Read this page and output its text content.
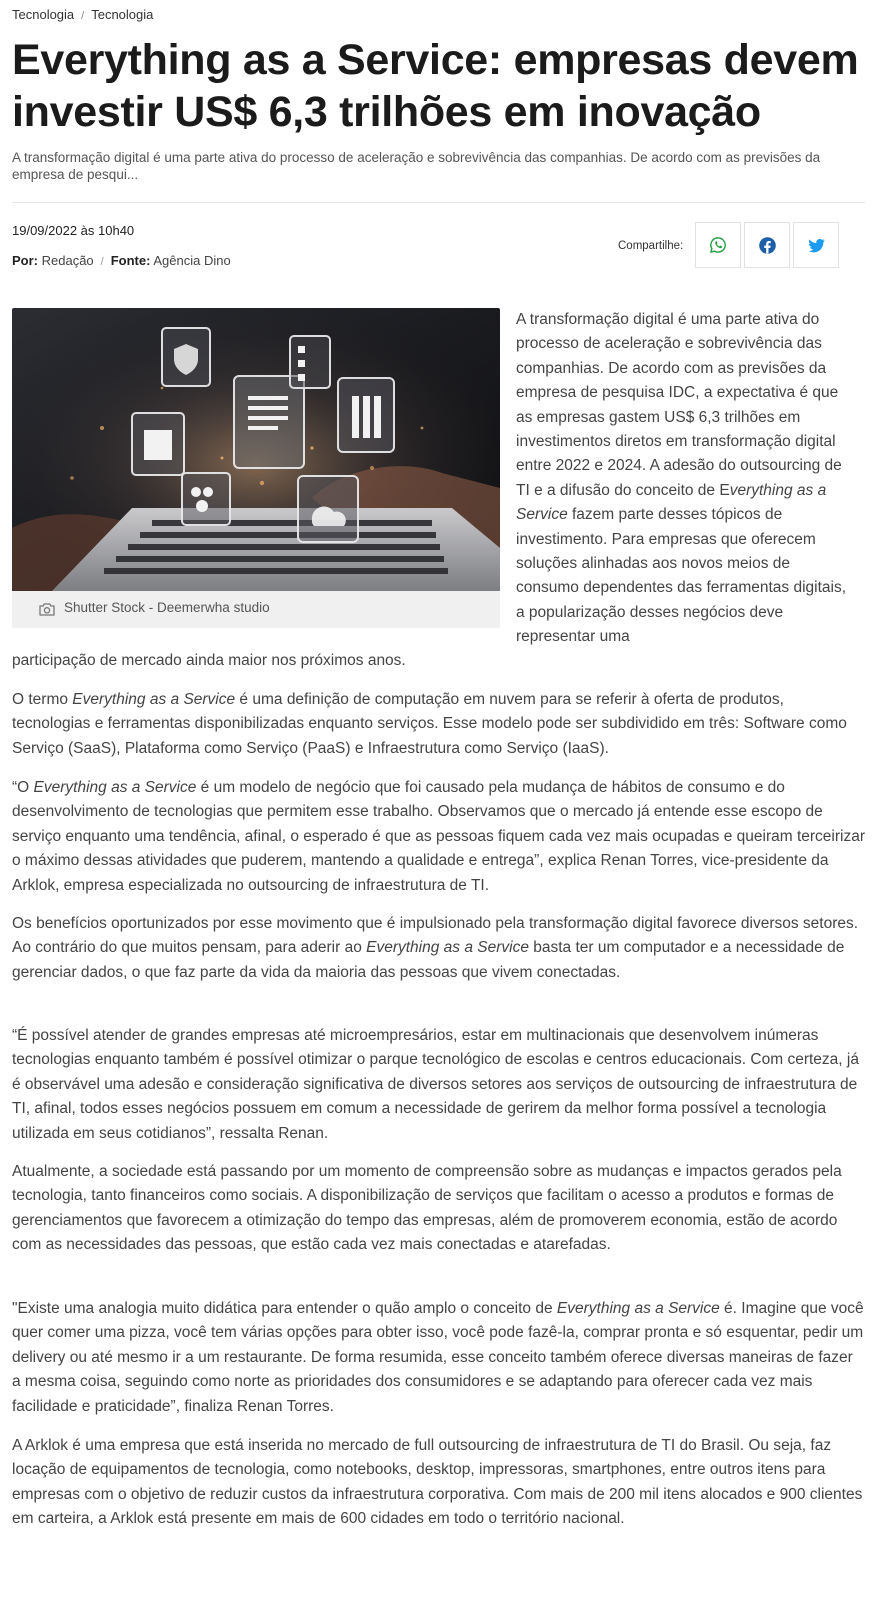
Tecnologia / Tecnologia
Everything as a Service: empresas devem investir US$ 6,3 trilhões em inovação

A transformação digital é uma parte ativa do processo de aceleração e sobrevivência das companhias. De acordo com as previsões da empresa de pesqui...

19/09/2022 às 10h40
Por: Redação / Fonte: Agência Dino
Compartilhe:
Shutter Stock - Deemerwha studio

A transformação digital é uma parte ativa do processo de aceleração e sobrevivência das companhias. De acordo com as previsões da empresa de pesquisa IDC, a expectativa é que as empresas gastem US$ 6,3 trilhões em investimentos diretos em transformação digital entre 2022 e 2024. A adesão do outsourcing de TI e a difusão do conceito de Everything as a Service fazem parte desses tópicos de investimento. Para empresas que oferecem soluções alinhadas aos novos meios de consumo dependentes das ferramentas digitais, a popularização desses negócios deve representar uma

participação de mercado ainda maior nos próximos anos.

O termo Everything as a Service é uma definição de computação em nuvem para se referir à oferta de produtos, tecnologias e ferramentas disponibilizadas enquanto serviços. Esse modelo pode ser subdividido em três: Software como Serviço (SaaS), Plataforma como Serviço (PaaS) e Infraestrutura como Serviço (IaaS).

“O Everything as a Service é um modelo de negócio que foi causado pela mudança de hábitos de consumo e do desenvolvimento de tecnologias que permitem esse trabalho. Observamos que o mercado já entende esse escopo de serviço enquanto uma tendência, afinal, o esperado é que as pessoas fiquem cada vez mais ocupadas e queiram terceirizar o máximo dessas atividades que puderem, mantendo a qualidade e entrega”, explica Renan Torres, vice-presidente da Arklok, empresa especializada no outsourcing de infraestrutura de TI.

Os benefícios oportunizados por esse movimento que é impulsionado pela transformação digital favorece diversos setores. Ao contrário do que muitos pensam, para aderir ao Everything as a Service basta ter um computador e a necessidade de gerenciar dados, o que faz parte da vida da maioria das pessoas que vivem conectadas.

“É possível atender de grandes empresas até microempresários, estar em multinacionais que desenvolvem inúmeras tecnologias enquanto também é possível otimizar o parque tecnológico de escolas e centros educacionais. Com certeza, já é observável uma adesão e consideração significativa de diversos setores aos serviços de outsourcing de infraestrutura de TI, afinal, todos esses negócios possuem em comum a necessidade de gerirem da melhor forma possível a tecnologia utilizada em seus cotidianos”, ressalta Renan.

Atualmente, a sociedade está passando por um momento de compreensão sobre as mudanças e impactos gerados pela tecnologia, tanto financeiros como sociais. A disponibilização de serviços que facilitam o acesso a produtos e formas de gerenciamentos que favorecem a otimização do tempo das empresas, além de promoverem economia, estão de acordo com as necessidades das pessoas, que estão cada vez mais conectadas e atarefadas.

"Existe uma analogia muito didática para entender o quão amplo o conceito de Everything as a Service é. Imagine que você quer comer uma pizza, você tem várias opções para obter isso, você pode fazê-la, comprar pronta e só esquentar, pedir um delivery ou até mesmo ir a um restaurante. De forma resumida, esse conceito também oferece diversas maneiras de fazer a mesma coisa, seguindo como norte as prioridades dos consumidores e se adaptando para oferecer cada vez mais facilidade e praticidade”, finaliza Renan Torres.

A Arklok é uma empresa que está inserida no mercado de full outsourcing de infraestrutura de TI do Brasil. Ou seja, faz locação de equipamentos de tecnologia, como notebooks, desktop, impressoras, smartphones, entre outros itens para empresas com o objetivo de reduzir custos da infraestrutura corporativa. Com mais de 200 mil itens alocados e 900 clientes em carteira, a Arklok está presente em mais de 600 cidades em todo o território nacional.
